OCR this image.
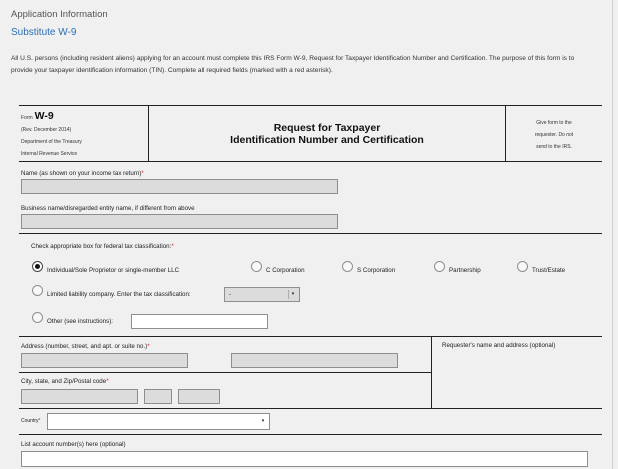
Application Information
Substitute W-9
All U.S. persons (including resident aliens) applying for an account must complete this IRS Form W-9, Request for Taxpayer Identification Number and Certification. The purpose of this form is to provide your taxpayer identification information (TIN). Complete all required fields (marked with a red asterisk).
Form W-9
(Rev. December 2014)
Department of the Treasury
Internal Revenue Service
Request for Taxpayer
Identification Number and Certification
Give form to the
requester. Do not
send to the IRS.
Name (as shown on your income tax return)*
Business name/disregarded entity name, if different from above
Check appropriate box for federal tax classification:*
Individual/Sole Proprietor or single-member LLC	C Corporation	S Corporation	Partnership	Trust/Estate
Limited liability company. Enter the tax classification:	-	▾
Other (see instructions):
Address (number, street, and apt. or suite no.)*	Requester's name and address (optional)
City, state, and Zip/Postal code*
Country*	▾
List account number(s) here (optional)
